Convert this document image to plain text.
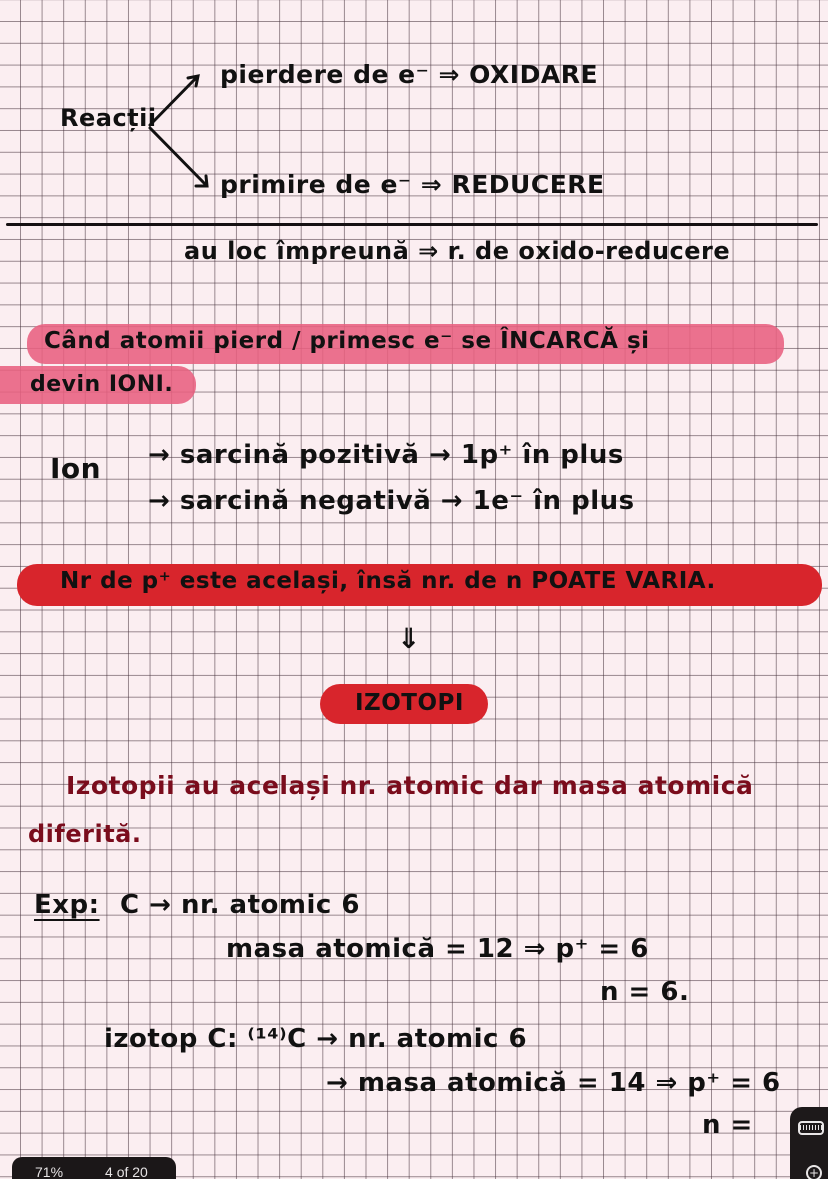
Reacții
pierdere de e⁻ ⇒ OXIDARE
primire de e⁻ ⇒ REDUCERE
au loc împreună ⇒ r. de oxido-reducere
Când atomii pierd / primesc e⁻ se ÎNCARCĂ și
devin IONI.
Ion → sarcină pozitivă → 1p⁺ în plus
→ sarcină negativă → 1e⁻ în plus
Nr de p⁺ este același, însă nr. de n POATE VARIA.
⇓
IZOTOPI
Izotopii au același nr. atomic dar masa atomică
diferită.
Exp: C → nr. atomic 6
masa atomică = 12 ⇒ p⁺ = 6
n = 6.
izotop C: ⁽¹⁴⁾C → nr. atomic 6
→ masa atomică = 14 ⇒ p⁺ = 6
n =
71%	4 of 20	+
